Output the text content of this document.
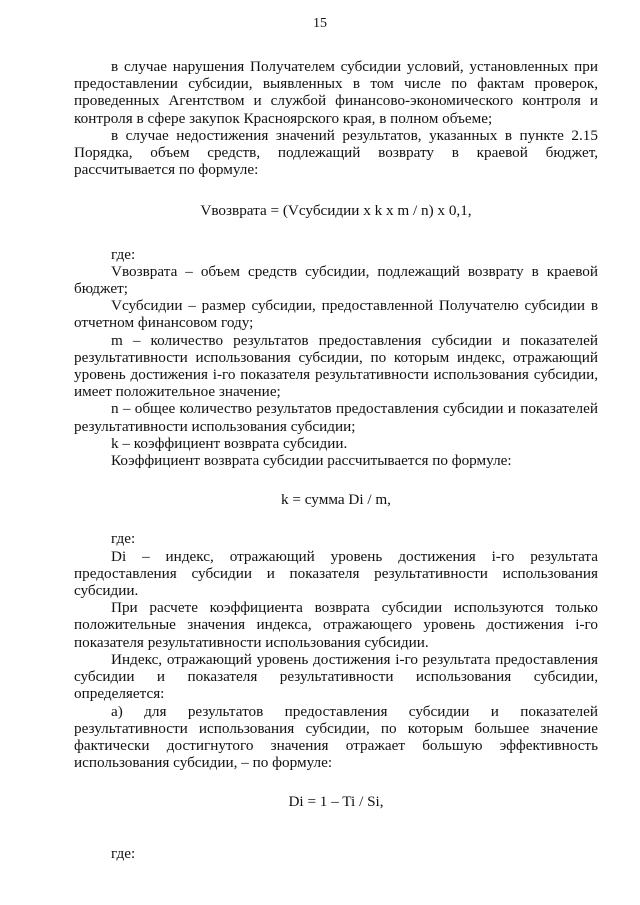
15

в случае нарушения Получателем субсидии условий, установленных при предоставлении субсидии, выявленных в том числе по фактам проверок, проведенных Агентством и службой финансово-экономического контроля и контроля в сфере закупок Красноярского края, в полном объеме;

в случае недостижения значений результатов, указанных в пункте 2.15 Порядка, объем средств, подлежащий возврату в краевой бюджет, рассчитывается по формуле:

Vвозврата = (Vсубсидии x k x m / n) x 0,1,

где:

Vвозврата – объем средств субсидии, подлежащий возврату в краевой бюджет;

Vсубсидии – размер субсидии, предоставленной Получателю субсидии в отчетном финансовом году;

m – количество результатов предоставления субсидии и показателей результативности использования субсидии, по которым индекс, отражающий уровень достижения i-го показателя результативности использования субсидии, имеет положительное значение;

n – общее количество результатов предоставления субсидии и показателей результативности использования субсидии;

k – коэффициент возврата субсидии.

Коэффициент возврата субсидии рассчитывается по формуле:

k = сумма Di / m,

где:

Di – индекс, отражающий уровень достижения i-го результата предоставления субсидии и показателя результативности использования субсидии.

При расчете коэффициента возврата субсидии используются только положительные значения индекса, отражающего уровень достижения i-го показателя результативности использования субсидии.

Индекс, отражающий уровень достижения i-го результата предоставления субсидии и показателя результативности использования субсидии, определяется:

а) для результатов предоставления субсидии и показателей результативности использования субсидии, по которым большее значение фактически достигнутого значения отражает большую эффективность использования субсидии, – по формуле:

Di = 1 – Ti / Si,

где:
